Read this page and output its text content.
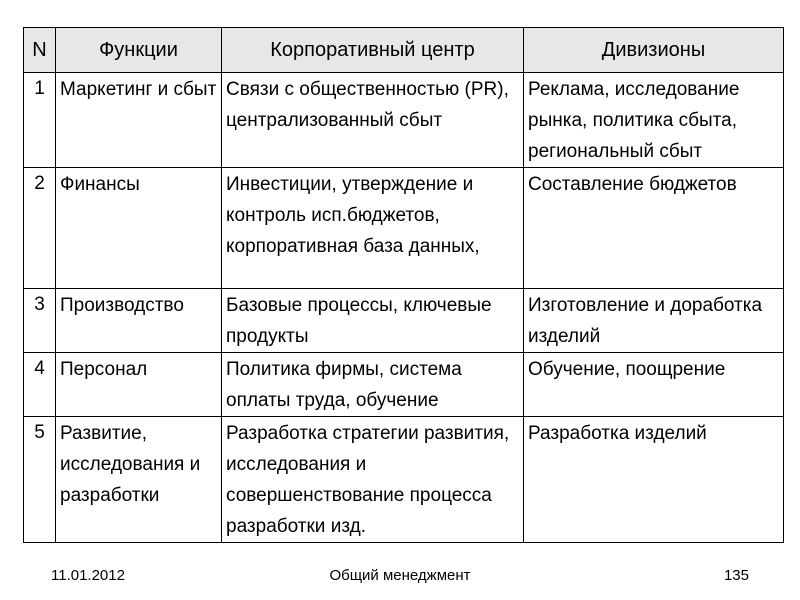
N	Функции	Корпоративный центр	Дивизионы
1	Маркетинг и сбыт	Связи с общественностью (PR), централизованный сбыт	Реклама, исследование рынка, политика сбыта, региональный сбыт
2	Финансы	Инвестиции, утверждение и контроль исп.бюджетов, корпоративная база данных,	Составление бюджетов
3	Производство	Базовые процессы, ключевые продукты	Изготовление и доработка изделий
4	Персонал	Политика фирмы, система оплаты труда, обучение	Обучение, поощрение
5	Развитие, исследования и разработки	Разработка стратегии развития, исследования и совершенствование процесса разработки изд.	Разработка изделий
Общий менеджмент
11.01.2012	135
